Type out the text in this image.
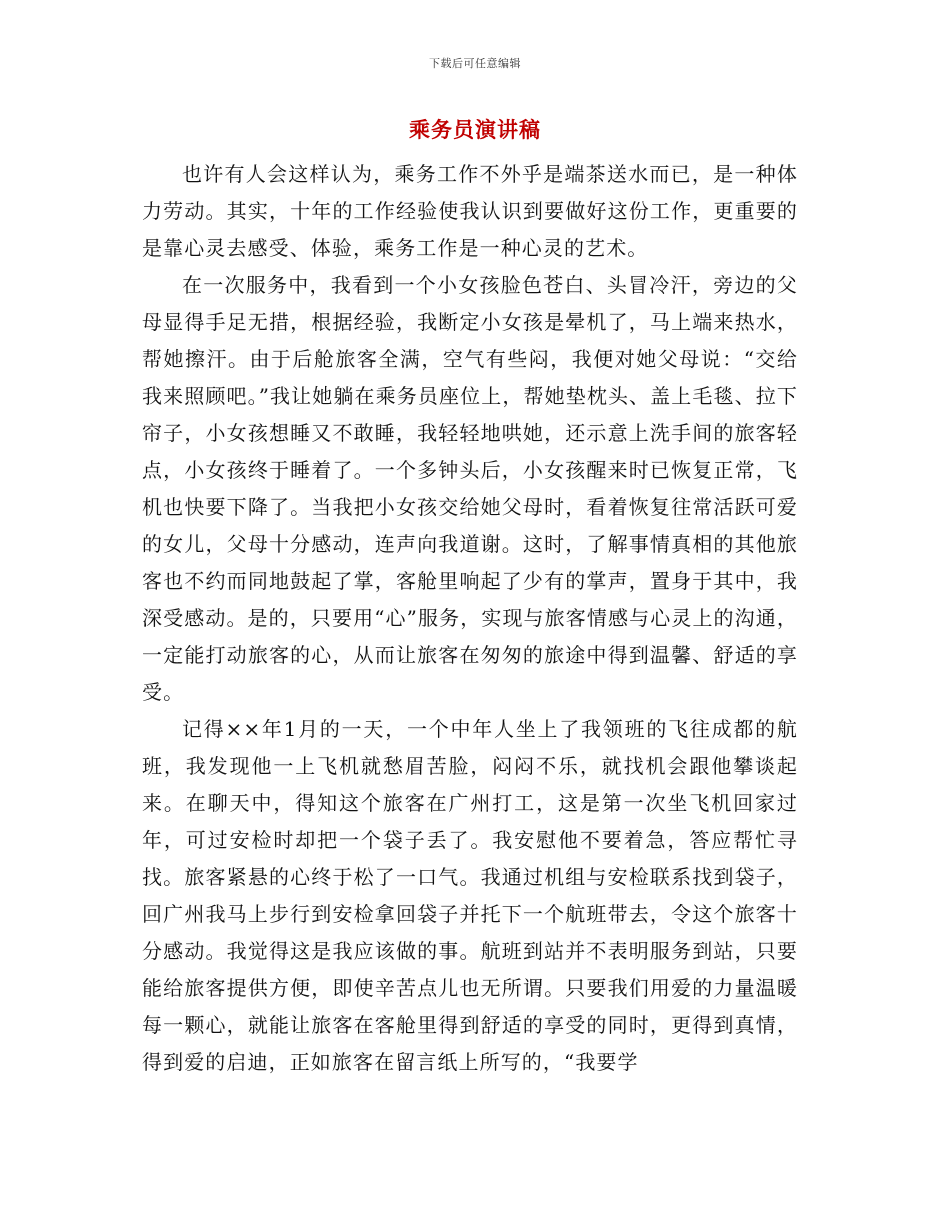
下载后可任意编辑
乘务员演讲稿

也许有人会这样认为，乘务工作不外乎是端茶送水而已，是一种体力劳动。其实，十年的工作经验使我认识到要做好这份工作，更重要的是靠心灵去感受、体验，乘务工作是一种心灵的艺术。

在一次服务中，我看到一个小女孩脸色苍白、头冒冷汗，旁边的父母显得手足无措，根据经验，我断定小女孩是晕机了，马上端来热水，帮她擦汗。由于后舱旅客全满，空气有些闷，我便对她父母说：“交给我来照顾吧。”我让她躺在乘务员座位上，帮她垫枕头、盖上毛毯、拉下帘子，小女孩想睡又不敢睡，我轻轻地哄她，还示意上洗手间的旅客轻点，小女孩终于睡着了。一个多钟头后，小女孩醒来时已恢复正常，飞机也快要下降了。当我把小女孩交给她父母时，看着恢复往常活跃可爱的女儿，父母十分感动，连声向我道谢。这时，了解事情真相的其他旅客也不约而同地鼓起了掌，客舱里响起了少有的掌声，置身于其中，我深受感动。是的，只要用“心”服务，实现与旅客情感与心灵上的沟通，一定能打动旅客的心，从而让旅客在匆匆的旅途中得到温馨、舒适的享受。

记得××年1月的一天，一个中年人坐上了我领班的飞往成都的航班，我发现他一上飞机就愁眉苦脸，闷闷不乐，就找机会跟他攀谈起来。在聊天中，得知这个旅客在广州打工，这是第一次坐飞机回家过年，可过安检时却把一个袋子丢了。我安慰他不要着急，答应帮忙寻找。旅客紧悬的心终于松了一口气。我通过机组与安检联系找到袋子，回广州我马上步行到安检拿回袋子并托下一个航班带去，令这个旅客十分感动。我觉得这是我应该做的事。航班到站并不表明服务到站，只要能给旅客提供方便，即使辛苦点儿也无所谓。只要我们用爱的力量温暖每一颗心，就能让旅客在客舱里得到舒适的享受的同时，更得到真情，得到爱的启迪，正如旅客在留言纸上所写的，“我要学
